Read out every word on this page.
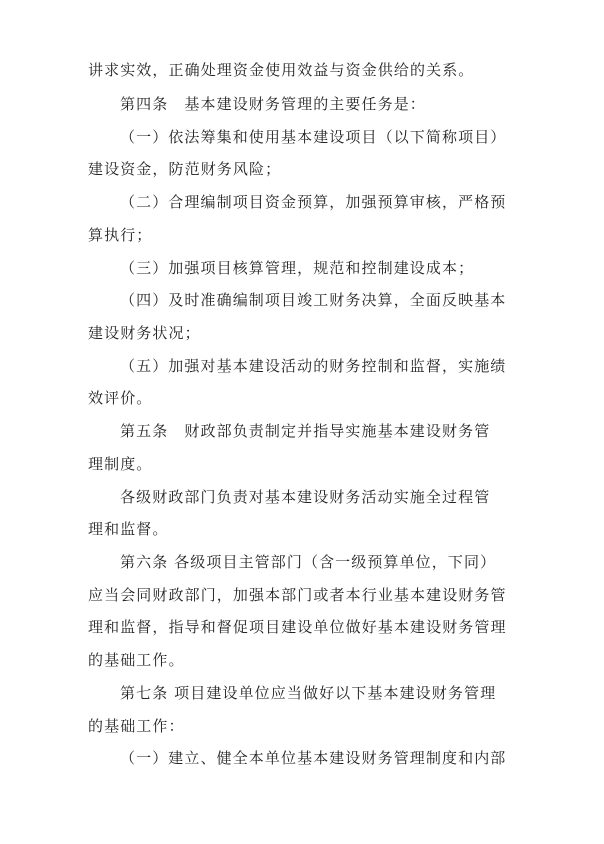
讲求实效，正确处理资金使用效益与资金供给的关系。
第四条　基本建设财务管理的主要任务是：
（一）依法筹集和使用基本建设项目（以下简称项目）
建设资金，防范财务风险；
（二）合理编制项目资金预算，加强预算审核，严格预
算执行；
（三）加强项目核算管理，规范和控制建设成本；
（四）及时准确编制项目竣工财务决算，全面反映基本
建设财务状况；
（五）加强对基本建设活动的财务控制和监督，实施绩
效评价。
第五条　财政部负责制定并指导实施基本建设财务管
理制度。
各级财政部门负责对基本建设财务活动实施全过程管
理和监督。
第六条 各级项目主管部门（含一级预算单位，下同）
应当会同财政部门，加强本部门或者本行业基本建设财务管
理和监督，指导和督促项目建设单位做好基本建设财务管理
的基础工作。
第七条 项目建设单位应当做好以下基本建设财务管理
的基础工作：
（一）建立、健全本单位基本建设财务管理制度和内部
